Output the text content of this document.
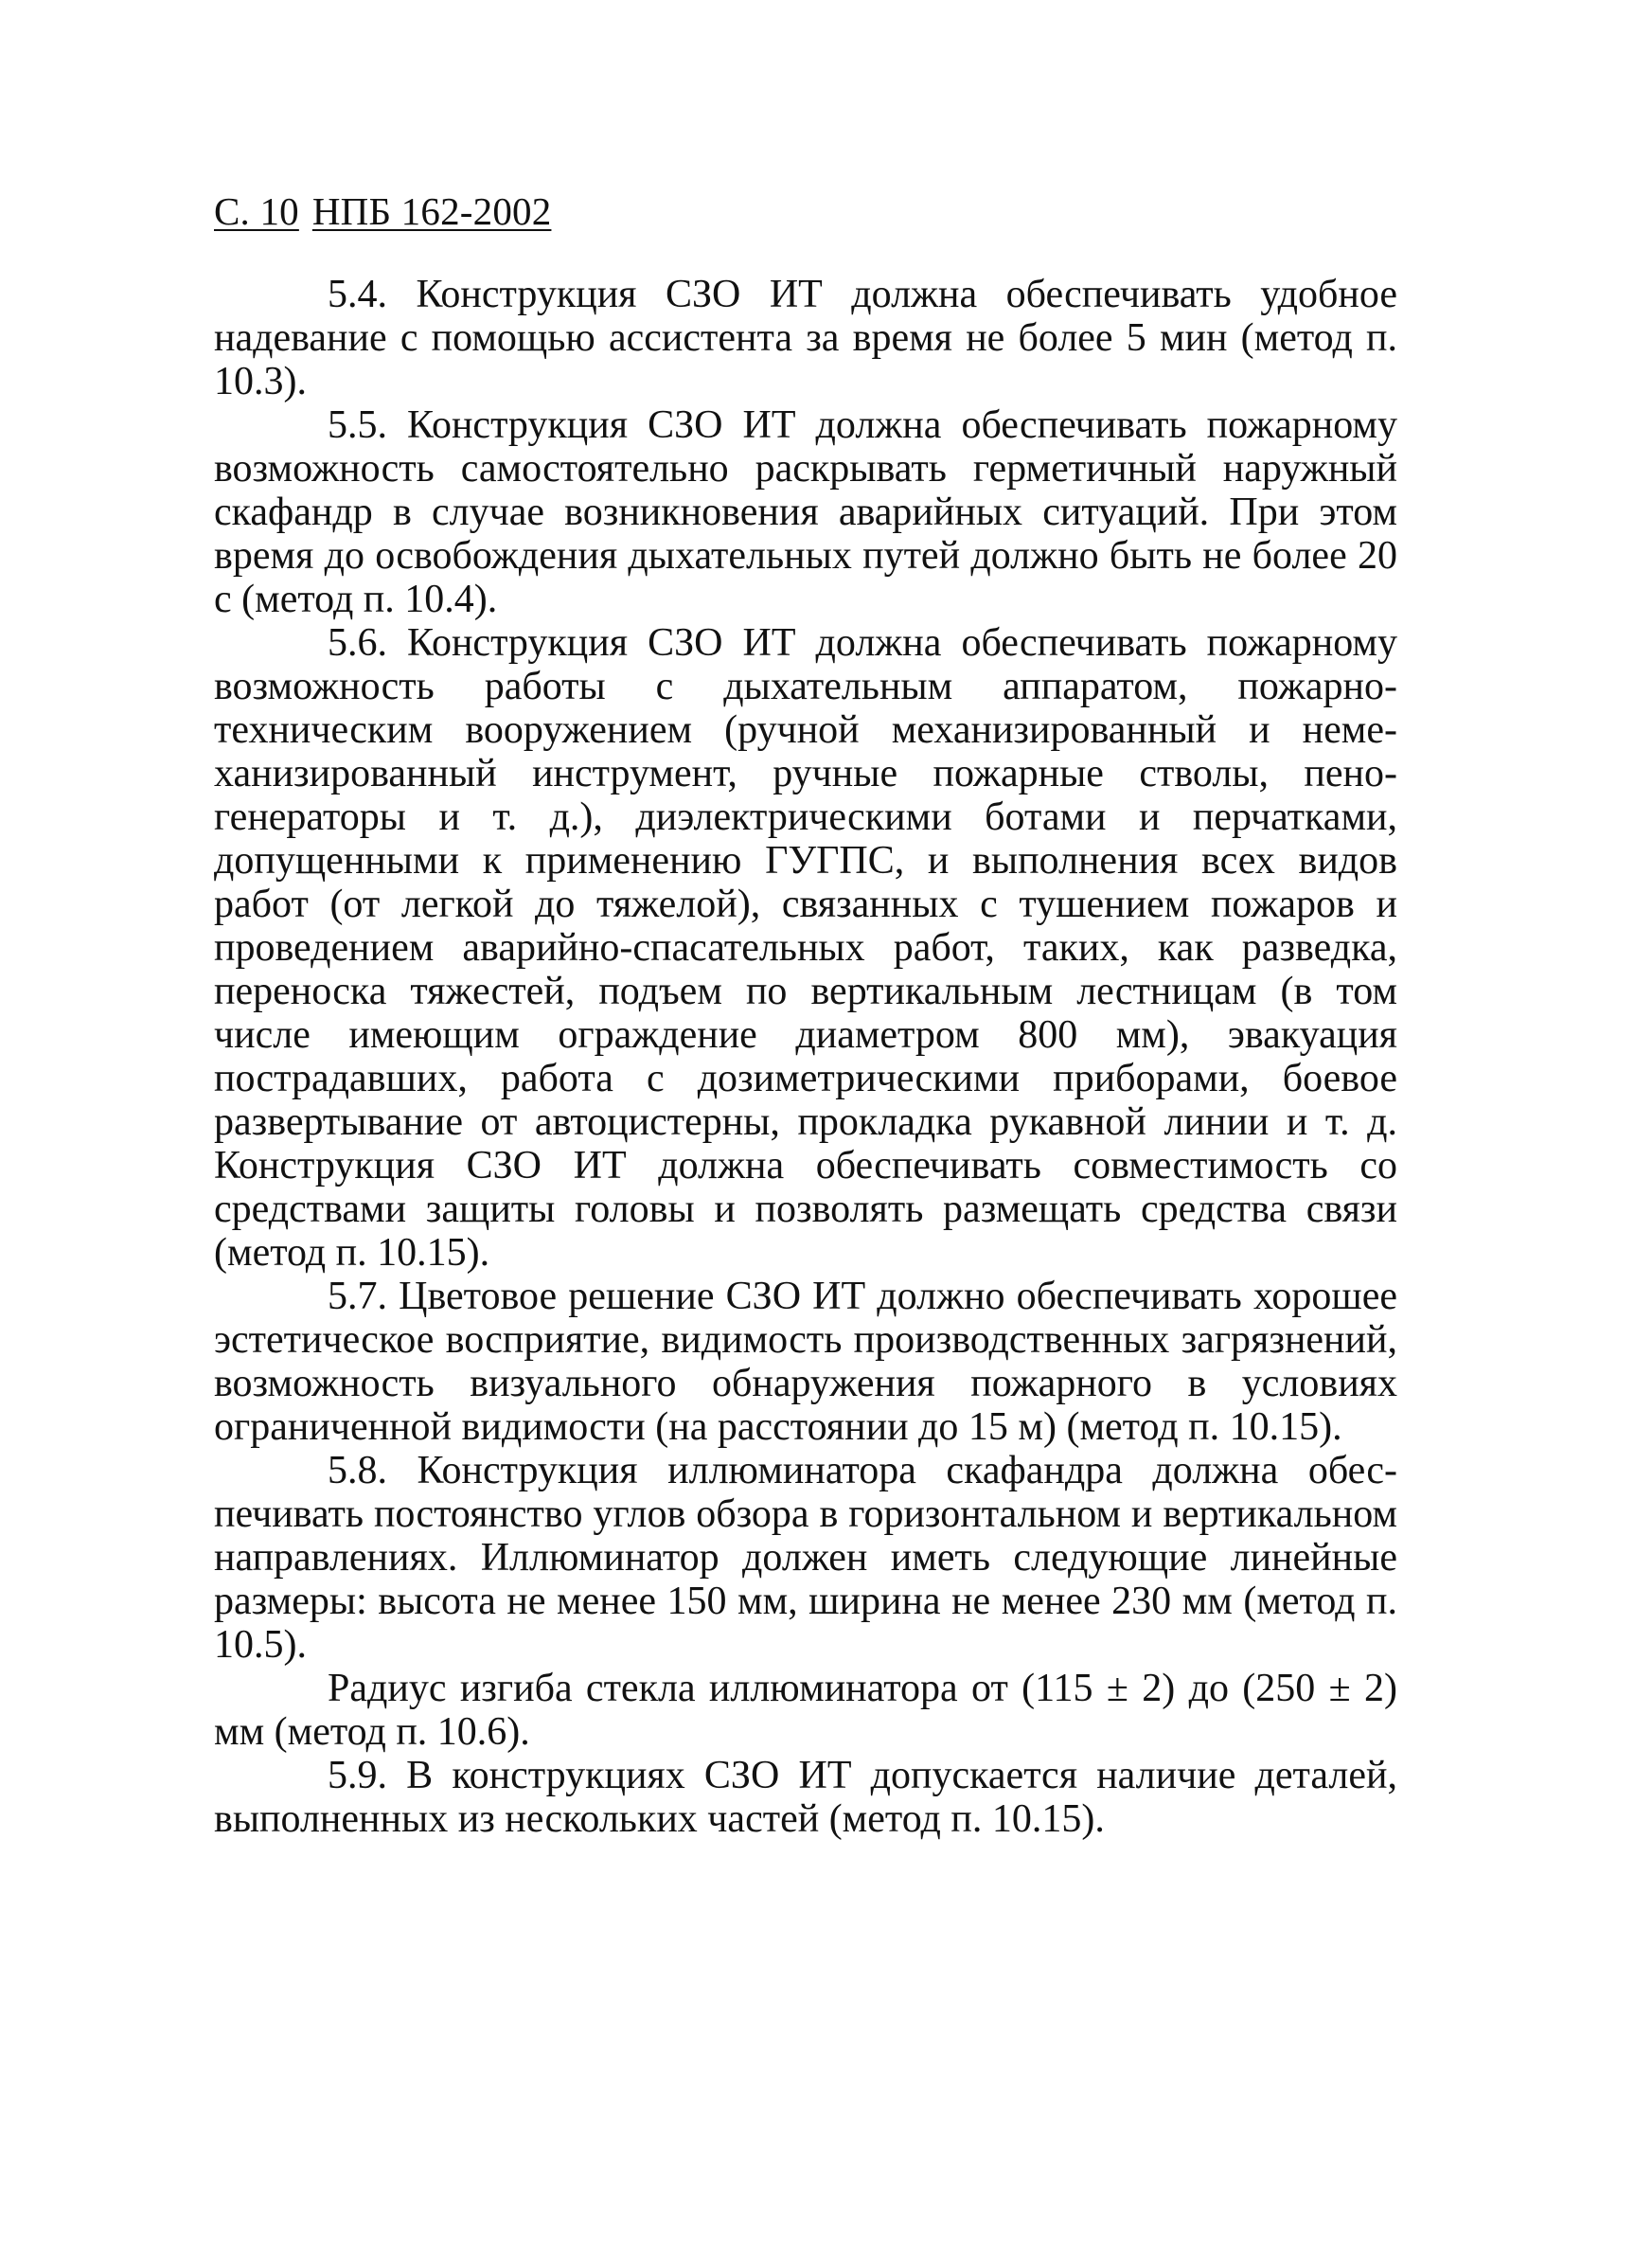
С. 10 НПБ 162-2002

5.4. Конструкция СЗО ИТ должна обеспечивать удобное надевание с помощью ассистента за время не более 5 мин (метод п. 10.3).

5.5. Конструкция СЗО ИТ должна обеспечивать пожарному возможность самостоятельно раскрывать герметичный наружный скафандр в случае возникновения аварийных ситуаций. При этом время до освобождения дыхательных путей должно быть не более 20 с (метод п. 10.4).

5.6. Конструкция СЗО ИТ должна обеспечивать пожарному возможность работы с дыхательным аппаратом, пожарнотехническим вооружением (ручной механизированный и немеханизированный инструмент, ручные пожарные стволы, пеногенераторы и т. д.), диэлектрическими ботами и перчатками, допущенными к применению ГУГПС, и выполнения всех видов работ (от легкой до тяжелой), связанных с тушением пожаров и проведением аварийно-спасательных работ, таких, как разведка, переноска тяжестей, подъем по вертикальным лестницам (в том числе имеющим ограждение диаметром 800 мм), эвакуация пострадавших, работа с дозиметрическими приборами, боевое развертывание от автоцистерны, прокладка рукавной линии и т. д. Конструкция СЗО ИТ должна обеспечивать совместимость со средствами защиты головы и позволять размещать средства связи (метод п. 10.15).

5.7. Цветовое решение СЗО ИТ должно обеспечивать хорошее эстетическое восприятие, видимость производственных загрязнений, возможность визуального обнаружения пожарного в условиях ограниченной видимости (на расстоянии до 15 м) (метод п. 10.15).

5.8. Конструкция иллюминатора скафандра должна обеспечивать постоянство углов обзора в горизонтальном и вертикальном направлениях. Иллюминатор должен иметь следующие линейные размеры: высота не менее 150 мм, ширина не менее 230 мм (метод п. 10.5).

Радиус изгиба стекла иллюминатора от (115 ± 2) до (250 ± 2) мм (метод п. 10.6).

5.9. В конструкциях СЗО ИТ допускается наличие деталей, выполненных из нескольких частей (метод п. 10.15).
